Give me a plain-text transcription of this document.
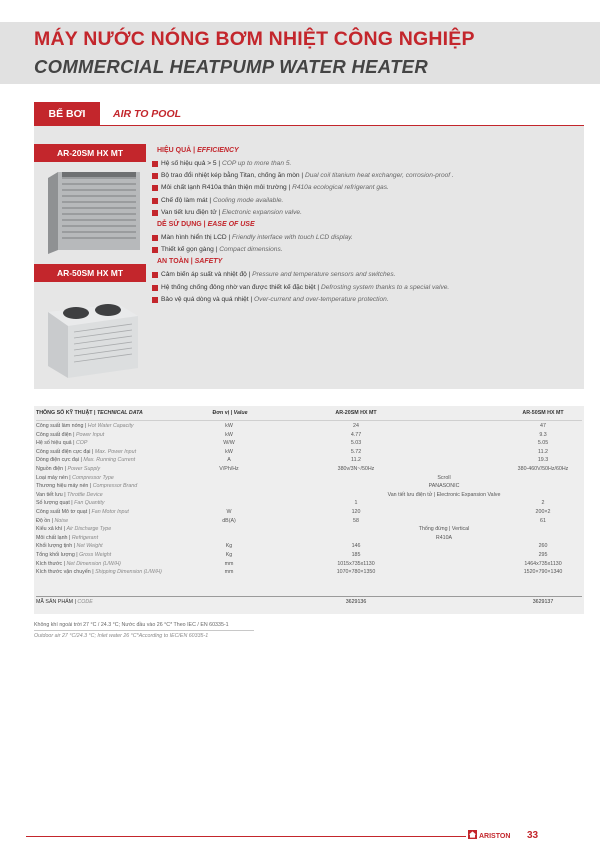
MÁY NƯỚC NÓNG BƠM NHIỆT CÔNG NGHIỆP
COMMERCIAL HEATPUMP WATER HEATER
BỂ BƠI	AIR TO POOL
AR-20SM HX MT
AR-50SM HX MT
HIỆU QUẢ | EFFICIENCY
Hệ số hiệu quả > 5 | COP up to more than 5.
Bộ trao đổi nhiệt kép bằng Titan, chống ăn mòn | Dual coil titanium heat exchanger, corrosion-proof .
Môi chất lạnh R410a thân thiện môi trường | R410a ecological refrigerant gas.
Chế độ làm mát | Cooling mode available.
Van tiết lưu điện tử | Electronic expansion valve.
DỄ SỬ DỤNG | EASE OF USE
Màn hình hiển thị LCD | Friendly interface with touch LCD display.
Thiết kế gọn gàng | Compact dimensions.
AN TOÀN | SAFETY
Cảm biến áp suất và nhiệt độ | Pressure and temperature sensors and switches.
Hệ thống chống đông nhờ van được thiết kế đặc biệt | Defrosting system thanks to a special valve.
Bảo vệ quá dòng và quá nhiệt | Over-current and over-temperature protection.
THÔNG SỐ KỸ THUẬT | TECHNICAL DATA	Đơn vị | Value	AR-20SM HX MT	AR-50SM HX MT
Công suất làm nóng | Hot Water Capacity	kW	24	47
Công suất điện | Power Input	kW	4.77	9.3
Hệ số hiệu quả | COP	W/W	5.03	5.05
Công suất điện cực đại | Max. Power Input	kW	5.72	11.2
Dòng điện cực đại | Max. Running Current	A	11.2	19.3
Nguồn điện | Power Supply	V/Ph/Hz	380v/3N~/50Hz	380-460V/50Hz/60Hz
Loại máy nén | Compressor Type	Scroll
Thương hiệu máy nén | Compressor Brand	PANASONIC
Van tiết lưu | Throttle Device	Van tiết lưu điện tử | Electronic Expansion Valve
Số lượng quạt | Fan Quantity	1	2
Công suất Mô tơ quạt | Fan Motor Input	W	120	200×2
Độ ồn | Noise	dB(A)	58	61
Kiểu xả khí | Air Discharge Type	Thổng đứng | Vertical
Môi chất lạnh | Refrigerant	R410A
Khối lượng tịnh | Net Weight	Kg	146	260
Tổng khối lượng | Gross Weight	Kg	185	295
Kích thước | Net Dimension (L/W/H)	mm	1015x735x1130	1464x735x1130
Kích thước vận chuyển | Shipping Dimension (L/W/H)	mm	1070×780×1350	1520×790×1340
MÃ SẢN PHẨM | CODE	3629136	3629137
Không khí ngoài trời 27 °C / 24.3 °C; Nước đầu vào 26 °C* Theo IEC / EN 60335-1
Outdoor air 27 °C/24.3 °C; Inlet water 26 °C*According to IEC/EN 60335-1
ARISTON 33
